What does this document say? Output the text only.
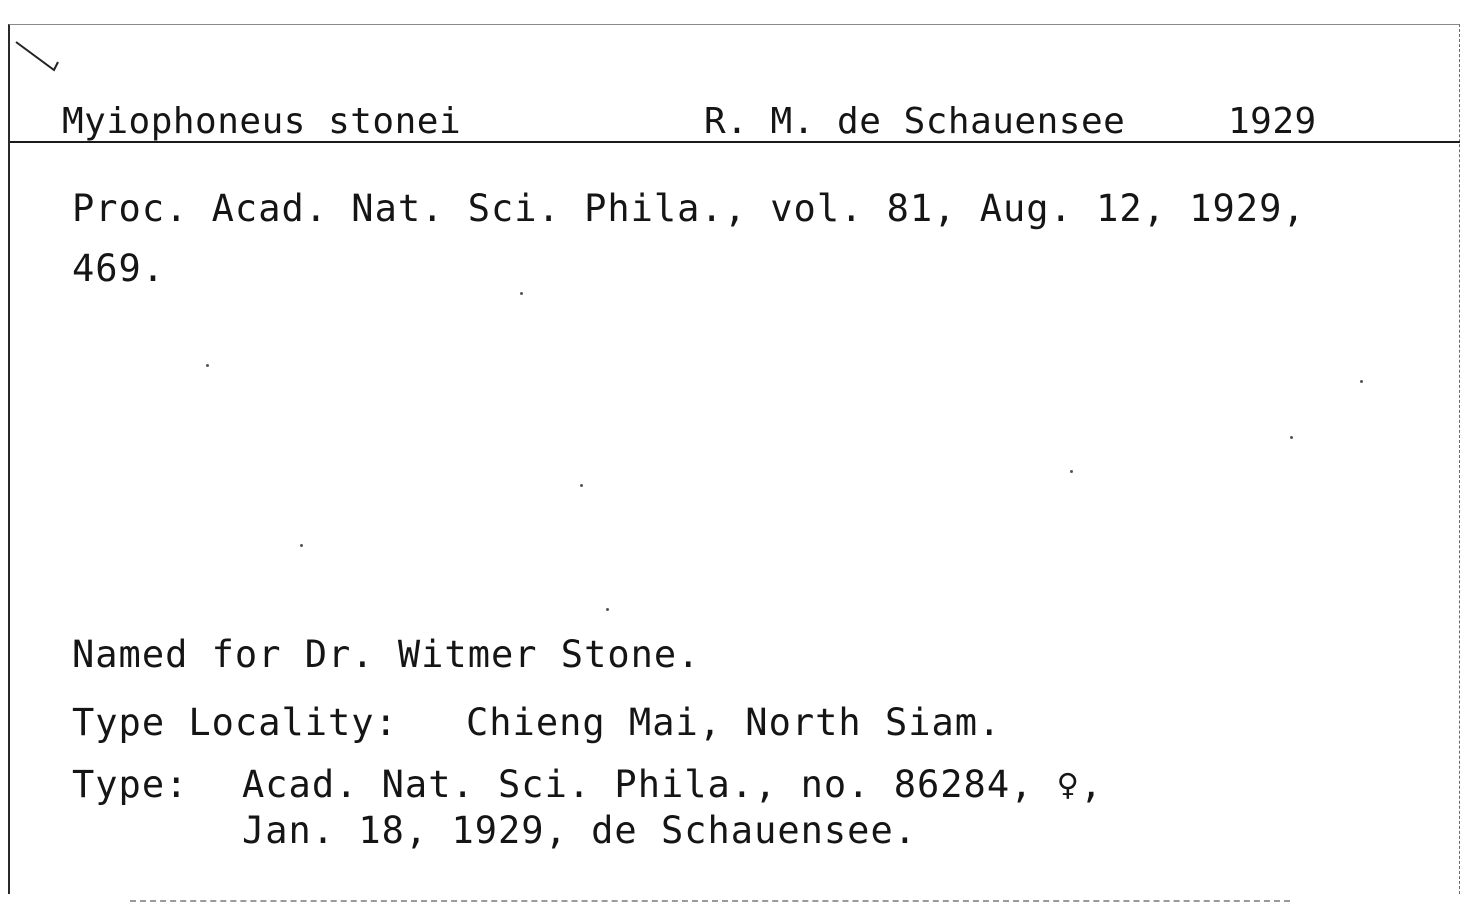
Myiophoneus stonei	R. M. de Schauensee	1929
Proc. Acad. Nat. Sci. Phila., vol. 81, Aug. 12, 1929,
469.
Named for Dr. Witmer Stone.
Type Locality: Chieng Mai, North Siam.
Type: Acad. Nat. Sci. Phila., no. 86284, ♀,
Jan. 18, 1929, de Schauensee.
